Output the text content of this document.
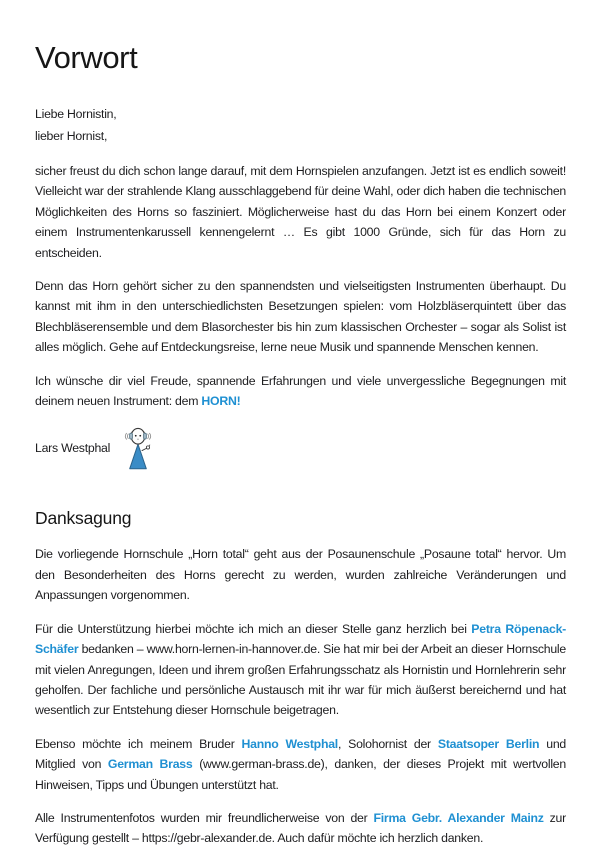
Vorwort
Liebe Hornistin,
lieber Hornist,

sicher freust du dich schon lange darauf, mit dem Hornspielen anzufangen. Jetzt ist es endlich soweit! Vielleicht war der strahlende Klang ausschlaggebend für deine Wahl, oder dich haben die technischen Möglichkeiten des Horns so fasziniert. Möglicherweise hast du das Horn bei einem Konzert oder einem Instrumentenkarussell kennengelernt … Es gibt 1000 Gründe, sich für das Horn zu entscheiden.

Denn das Horn gehört sicher zu den spannendsten und vielseitigsten Instrumenten überhaupt. Du kannst mit ihm in den unterschiedlichsten Besetzungen spielen: vom Holzbläserquintett über das Blechbläserensemble und dem Blasorchester bis hin zum klassischen Orchester – sogar als Solist ist alles möglich. Gehe auf Entdeckungsreise, lerne neue Musik und spannende Menschen kennen.

Ich wünsche dir viel Freude, spannende Erfahrungen und viele unvergessliche Begegnungen mit deinem neuen Instrument: dem HORN!

Lars Westphal
Danksagung

Die vorliegende Hornschule „Horn total“ geht aus der Posaunenschule „Posaune total“ hervor. Um den Besonderheiten des Horns gerecht zu werden, wurden zahlreiche Veränderungen und Anpassungen vorgenommen.

Für die Unterstützung hierbei möchte ich mich an dieser Stelle ganz herzlich bei Petra Röpenack-Schäfer bedanken – www.horn-lernen-in-hannover.de. Sie hat mir bei der Arbeit an dieser Hornschule mit vielen Anregungen, Ideen und ihrem großen Erfahrungsschatz als Hornistin und Hornlehrerin sehr geholfen. Der fachliche und persönliche Austausch mit ihr war für mich äußerst bereichernd und hat wesentlich zur Entstehung dieser Hornschule beigetragen.

Ebenso möchte ich meinem Bruder Hanno Westphal, Solohornist der Staatsoper Berlin und Mitglied von German Brass (www.german-brass.de), danken, der dieses Projekt mit wertvollen Hinweisen, Tipps und Übungen unterstützt hat.

Alle Instrumentenfotos wurden mir freundlicherweise von der Firma Gebr. Alexander Mainz zur Verfügung gestellt – https://gebr-alexander.de. Auch dafür möchte ich herzlich danken.
